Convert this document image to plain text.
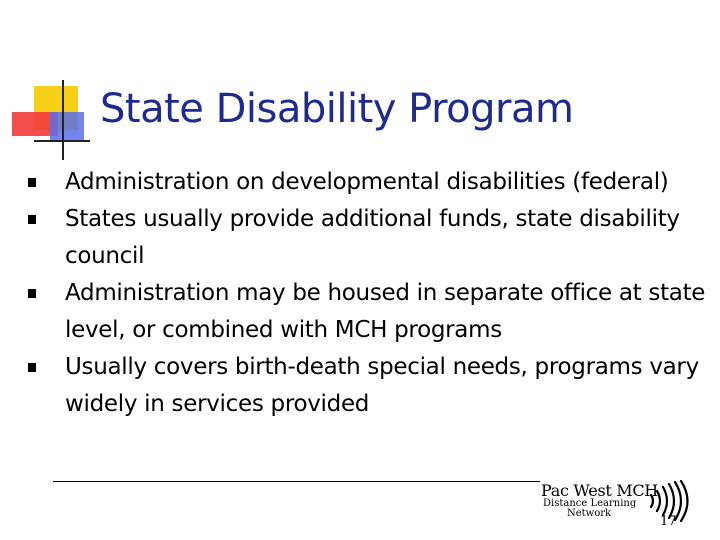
State Disability Program
Administration on developmental disabilities (federal)
States usually provide additional funds, state disability council
Administration may be housed in separate office at state level, or combined with MCH programs
Usually covers birth-death special needs, programs vary widely in services provided
Pac West MCH
Distance Learning
Network
17
